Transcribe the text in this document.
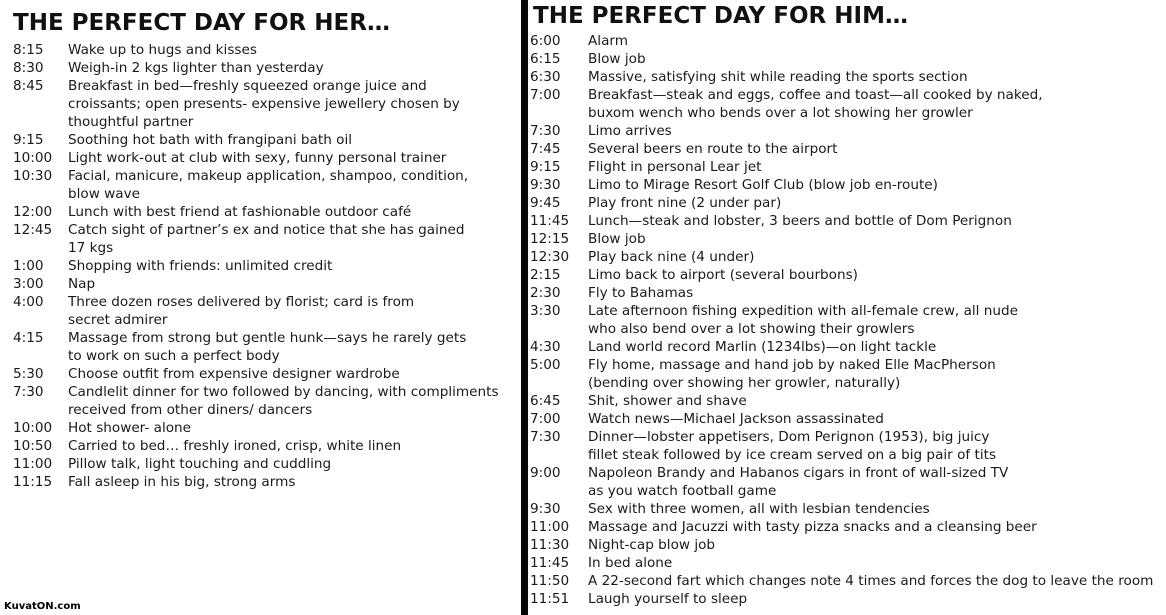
THE PERFECT DAY FOR HER…
8:15	Wake up to hugs and kisses
8:30	Weigh-in 2 kgs lighter than yesterday
8:45	Breakfast in bed—freshly squeezed orange juice and
croissants; open presents- expensive jewellery chosen by
thoughtful partner
9:15	Soothing hot bath with frangipani bath oil
10:00	Light work-out at club with sexy, funny personal trainer
10:30	Facial, manicure, makeup application, shampoo, condition,
blow wave
12:00	Lunch with best friend at fashionable outdoor café
12:45	Catch sight of partner’s ex and notice that she has gained
17 kgs
1:00	Shopping with friends: unlimited credit
3:00	Nap
4:00	Three dozen roses delivered by florist; card is from
secret admirer
4:15	Massage from strong but gentle hunk—says he rarely gets
to work on such a perfect body
5:30	Choose outfit from expensive designer wardrobe
7:30	Candlelit dinner for two followed by dancing, with compliments
received from other diners/ dancers
10:00	Hot shower- alone
10:50	Carried to bed… freshly ironed, crisp, white linen
11:00	Pillow talk, light touching and cuddling
11:15	Fall asleep in his big, strong arms
THE PERFECT DAY FOR HIM…
6:00	Alarm
6:15	Blow job
6:30	Massive, satisfying shit while reading the sports section
7:00	Breakfast—steak and eggs, coffee and toast—all cooked by naked,
buxom wench who bends over a lot showing her growler
7:30	Limo arrives
7:45	Several beers en route to the airport
9:15	Flight in personal Lear jet
9:30	Limo to Mirage Resort Golf Club (blow job en-route)
9:45	Play front nine (2 under par)
11:45	Lunch—steak and lobster, 3 beers and bottle of Dom Perignon
12:15	Blow job
12:30	Play back nine (4 under)
2:15	Limo back to airport (several bourbons)
2:30	Fly to Bahamas
3:30	Late afternoon fishing expedition with all-female crew, all nude
who also bend over a lot showing their growlers
4:30	Land world record Marlin (1234lbs)—on light tackle
5:00	Fly home, massage and hand job by naked Elle MacPherson
(bending over showing her growler, naturally)
6:45	Shit, shower and shave
7:00	Watch news—Michael Jackson assassinated
7:30	Dinner—lobster appetisers, Dom Perignon (1953), big juicy
fillet steak followed by ice cream served on a big pair of tits
9:00	Napoleon Brandy and Habanos cigars in front of wall-sized TV
as you watch football game
9:30	Sex with three women, all with lesbian tendencies
11:00	Massage and Jacuzzi with tasty pizza snacks and a cleansing beer
11:30	Night-cap blow job
11:45	In bed alone
11:50	A 22-second fart which changes note 4 times and forces the dog to leave the room
11:51	Laugh yourself to sleep
KuvatON.com
